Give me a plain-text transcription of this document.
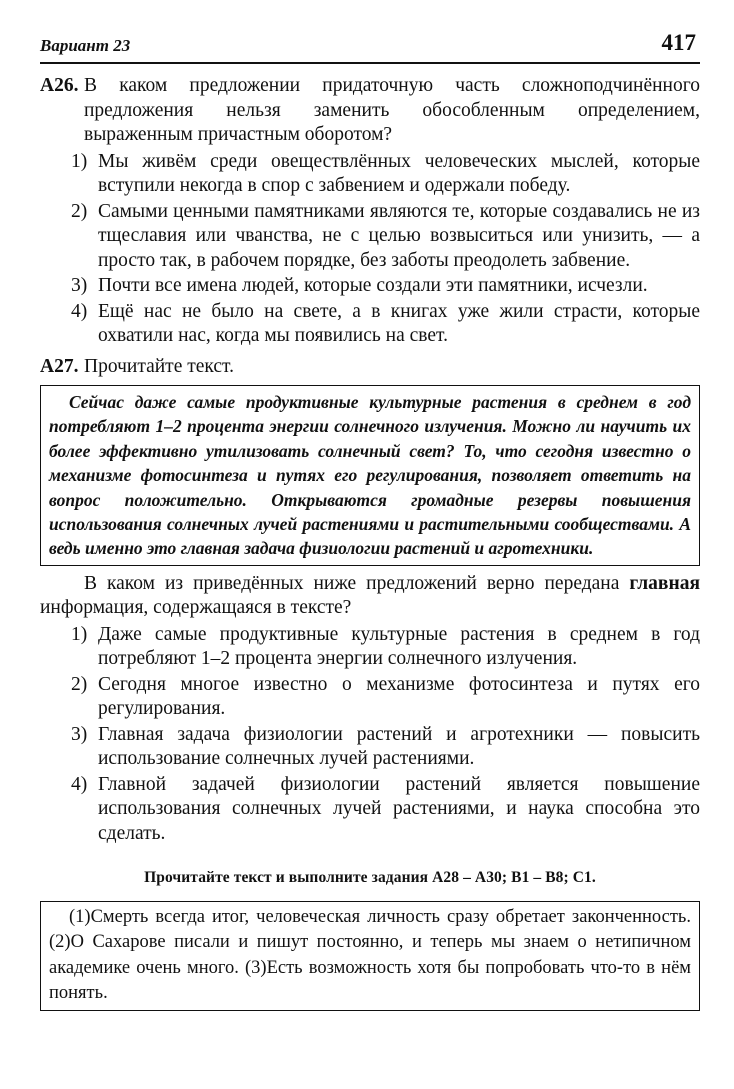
Вариант 23	417
А26. В каком предложении придаточную часть сложноподчинённого предложения нельзя заменить обособленным определением, выраженным причастным оборотом?
1) Мы живём среди овеществлённых человеческих мыслей, которые вступили некогда в спор с забвением и одержали победу.
2) Самыми ценными памятниками являются те, которые создавались не из тщеславия или чванства, не с целью возвыситься или унизить, — а просто так, в рабочем порядке, без заботы преодолеть забвение.
3) Почти все имена людей, которые создали эти памятники, исчезли.
4) Ещё нас не было на свете, а в книгах уже жили страсти, которые охватили нас, когда мы появились на свет.
А27. Прочитайте текст.
Сейчас даже самые продуктивные культурные растения в среднем в год потребляют 1–2 процента энергии солнечного излучения. Можно ли научить их более эффективно утилизовать солнечный свет? То, что сегодня известно о механизме фотосинтеза и путях его регулирования, позволяет ответить на вопрос положительно. Открываются громадные резервы повышения использования солнечных лучей растениями и растительными сообществами. А ведь именно это главная задача физиологии растений и агротехники.
В каком из приведённых ниже предложений верно передана главная информация, содержащаяся в тексте?
1) Даже самые продуктивные культурные растения в среднем в год потребляют 1–2 процента энергии солнечного излучения.
2) Сегодня многое известно о механизме фотосинтеза и путях его регулирования.
3) Главная задача физиологии растений и агротехники — повысить использование солнечных лучей растениями.
4) Главной задачей физиологии растений является повышение использования солнечных лучей растениями, и наука способна это сделать.
Прочитайте текст и выполните задания А28 – А30; В1 – В8; С1.
(1)Смерть всегда итог, человеческая личность сразу обретает законченность. (2)О Сахарове писали и пишут постоянно, и теперь мы знаем о нетипичном академике очень много. (3)Есть возможность хотя бы попробовать что-то в нём понять.
